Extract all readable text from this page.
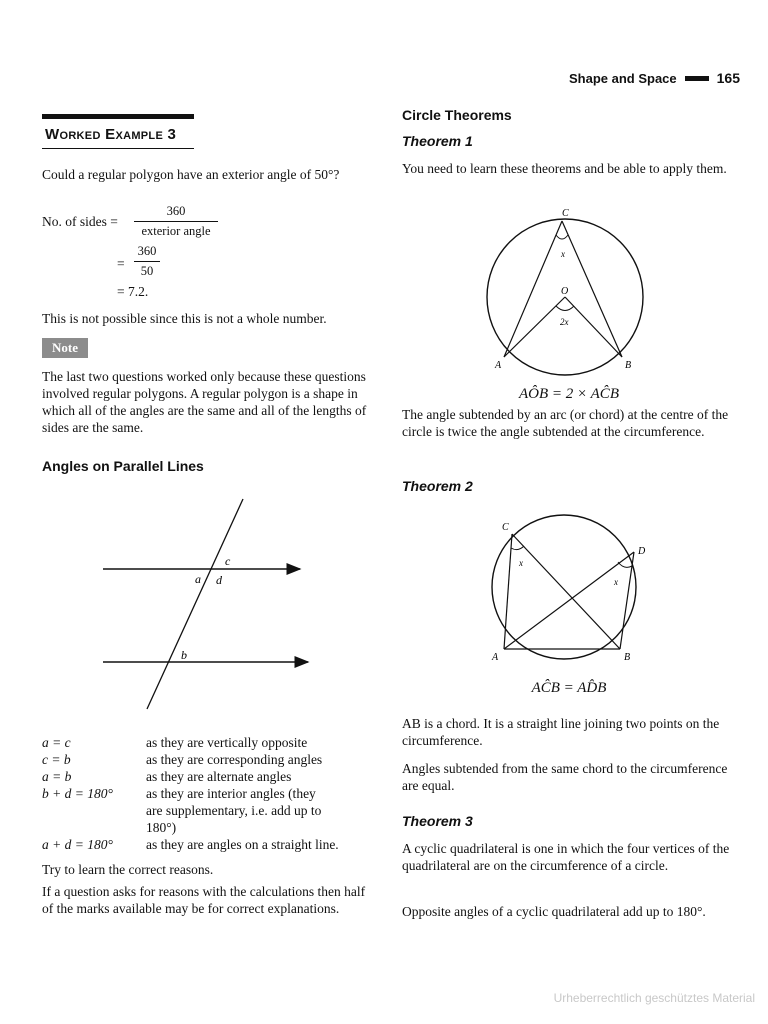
Shape and Space	165
Worked Example 3

Could a regular polygon have an exterior angle of 50°?

No. of sides =
360
exterior angle
= $\frac{360}{50}$
= 7.2.

This is not possible since this is not a whole number.

Note

The last two questions worked only because these questions involved regular polygons. A regular polygon is a shape in which all of the angles are the same and all of the lengths of sides are the same.

Angles on Parallel Lines
c
a d
b
a = c	as they are vertically opposite
c = b	as they are corresponding angles
a = b	as they are alternate angles
b + d = 180°	as they are interior angles (they are supplementary, i.e. add up to 180°)
a + d = 180°	as they are angles on a straight line.

Try to learn the correct reasons.

If a question asks for reasons with the calculations then half of the marks available may be for correct explanations.

Circle Theorems
Theorem 1

You need to learn these theorems and be able to apply them.

C
x
O
2x
A	B
AÔB = 2 × AĈB

The angle subtended by an arc (or chord) at the centre of the circle is twice the angle subtended at the circumference.

Theorem 2
C
D
x
x
A	B
AĈB = AD̂B

AB is a chord. It is a straight line joining two points on the circumference.

Angles subtended from the same chord to the circumference are equal.

Theorem 3

A cyclic quadrilateral is one in which the four vertices of the quadrilateral are on the circumference of a circle.

Opposite angles of a cyclic quadrilateral add up to 180°.

Urheberrechtlich geschütztes Material
